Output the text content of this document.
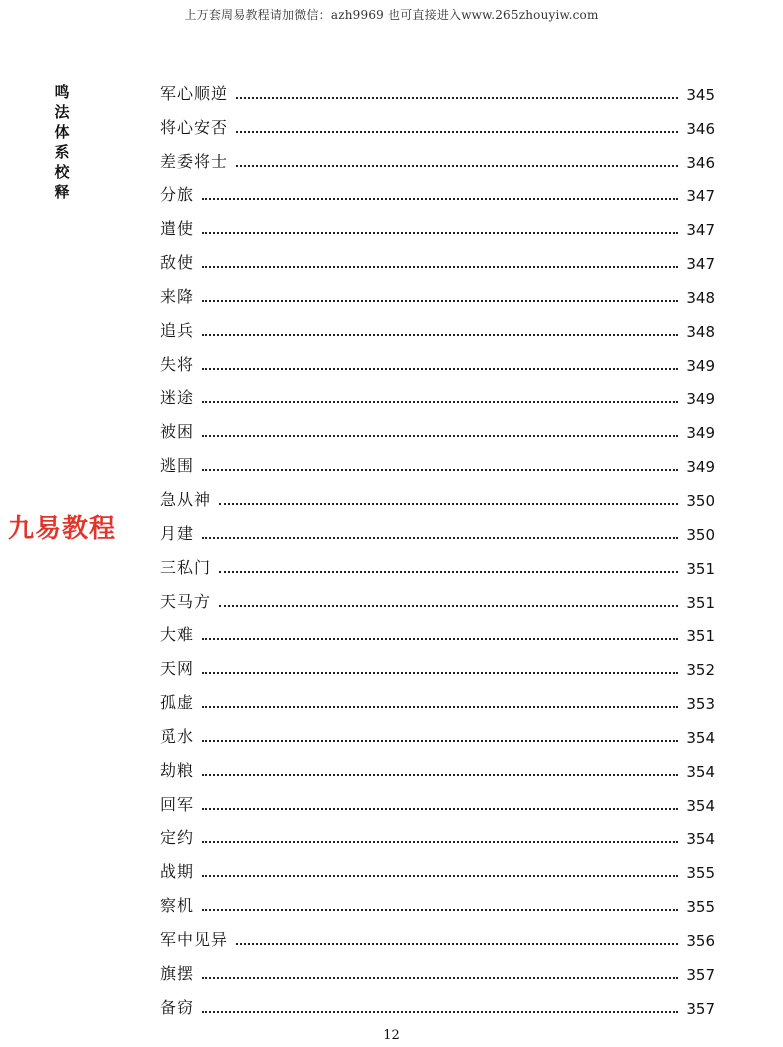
上万套周易教程请加微信：azh9969 也可直接进入www.265zhouyiw.com
鸣
法
体
系
校
释
九易教程
军心顺逆	345
将心安否	346
差委将士	346
分旅	347
遣使	347
敌使	347
来降	348
追兵	348
失将	349
迷途	349
被困	349
逃围	349
急从神	350
月建	350
三私门	351
天马方	351
大难	351
天网	352
孤虚	353
觅水	354
劫粮	354
回军	354
定约	354
战期	355
察机	355
军中见异	356
旗摆	357
备窃	357
12
